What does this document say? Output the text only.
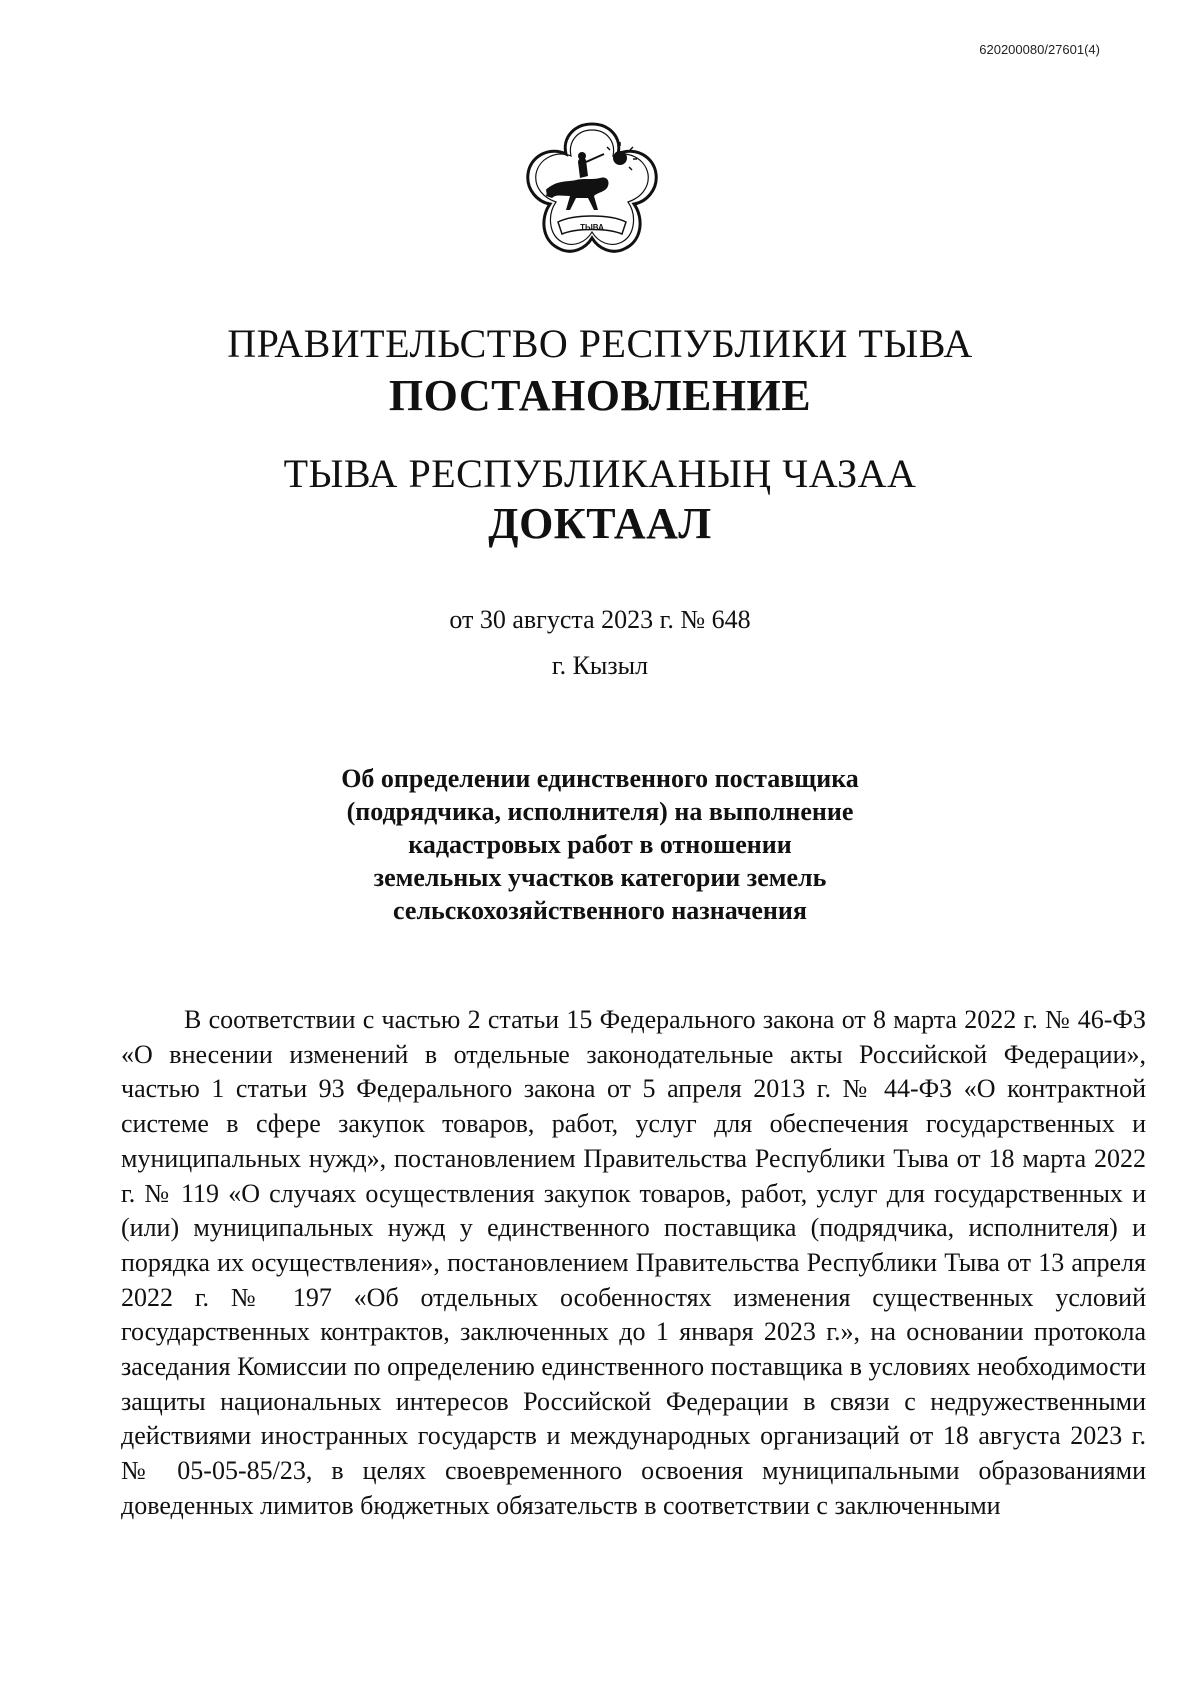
620200080/27601(4)
ТЫВА
ПРАВИТЕЛЬСТВО РЕСПУБЛИКИ ТЫВА
ПОСТАНОВЛЕНИЕ
ТЫВА РЕСПУБЛИКАНЫҢ ЧАЗАА
ДОКТААЛ
от 30 августа 2023 г. № 648
г. Кызыл
Об определении единственного поставщика
(подрядчика, исполнителя) на выполнение
кадастровых работ в отношении
земельных участков категории земель
сельскохозяйственного назначения
В соответствии с частью 2 статьи 15 Федерального закона от 8 марта 2022 г. № 46-ФЗ «О внесении изменений в отдельные законодательные акты Российской Федерации», частью 1 статьи 93 Федерального закона от 5 апреля 2013 г. № 44-ФЗ «О контрактной системе в сфере закупок товаров, работ, услуг для обеспечения государственных и муниципальных нужд», постановлением Правительства Республики Тыва от 18 марта 2022 г. № 119 «О случаях осуществления закупок товаров, работ, услуг для государственных и (или) муниципальных нужд у единственного поставщика (подрядчика, исполнителя) и порядка их осуществления», постановлением Правительства Республики Тыва от 13 апреля 2022 г. № 197 «Об отдельных особенностях изменения существенных условий государственных контрактов, заключенных до 1 января 2023 г.», на основании протокола заседания Комиссии по определению единственного поставщика в условиях необходимости защиты национальных интересов Российской Федерации в связи с недружественными действиями иностранных государств и международных организаций от 18 августа 2023 г. № 05-05-85/23, в целях своевременного освоения муниципальными образованиями доведенных лимитов бюджетных обязательств в соответствии с заключенными
